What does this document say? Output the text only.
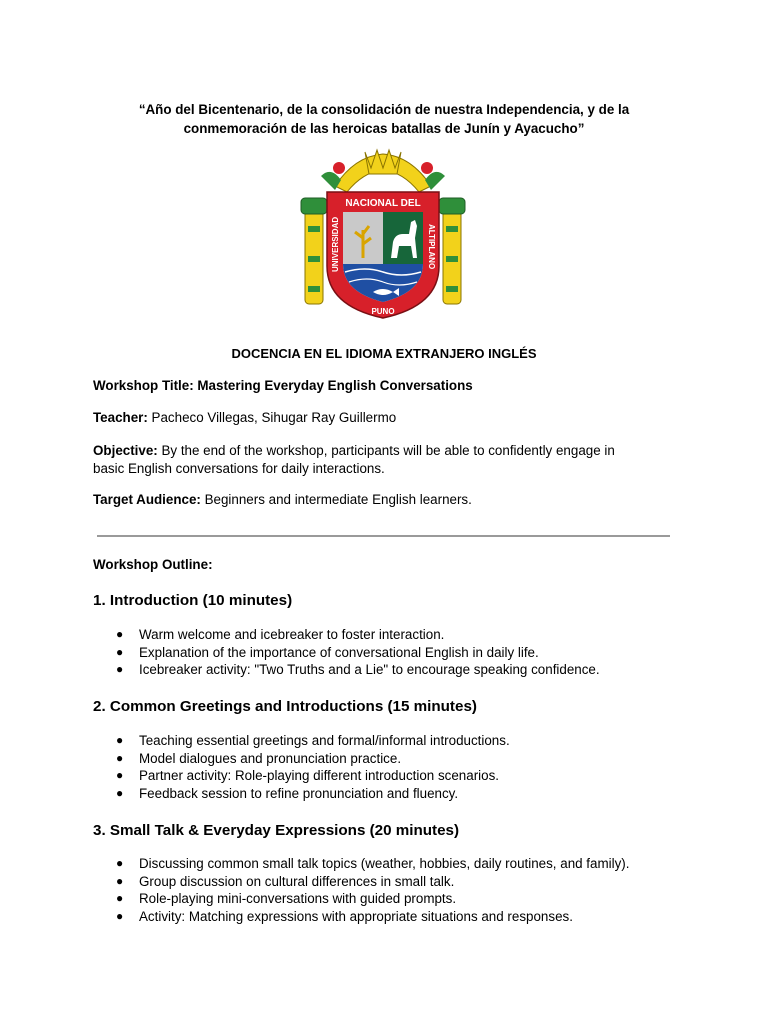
“Año del Bicentenario, de la consolidación de nuestra Independencia, y de la
conmemoración de las heroicas batallas de Junín y Ayacucho”
NACIONAL DEL
UNIVERSIDAD	ALTIPLANO
PUNO
DOCENCIA EN EL IDIOMA EXTRANJERO INGLÉS
Workshop Title: Mastering Everyday English Conversations
Teacher: Pacheco Villegas, Sihugar Ray Guillermo
Objective: By the end of the workshop, participants will be able to confidently engage in
basic English conversations for daily interactions.
Target Audience: Beginners and intermediate English learners.
Workshop Outline:
1. Introduction (10 minutes)
● Warm welcome and icebreaker to foster interaction.
● Explanation of the importance of conversational English in daily life.
● Icebreaker activity: "Two Truths and a Lie" to encourage speaking confidence.
2. Common Greetings and Introductions (15 minutes)
● Teaching essential greetings and formal/informal introductions.
● Model dialogues and pronunciation practice.
● Partner activity: Role-playing different introduction scenarios.
● Feedback session to refine pronunciation and fluency.
3. Small Talk & Everyday Expressions (20 minutes)
● Discussing common small talk topics (weather, hobbies, daily routines, and family).
● Group discussion on cultural differences in small talk.
● Role-playing mini-conversations with guided prompts.
● Activity: Matching expressions with appropriate situations and responses.
